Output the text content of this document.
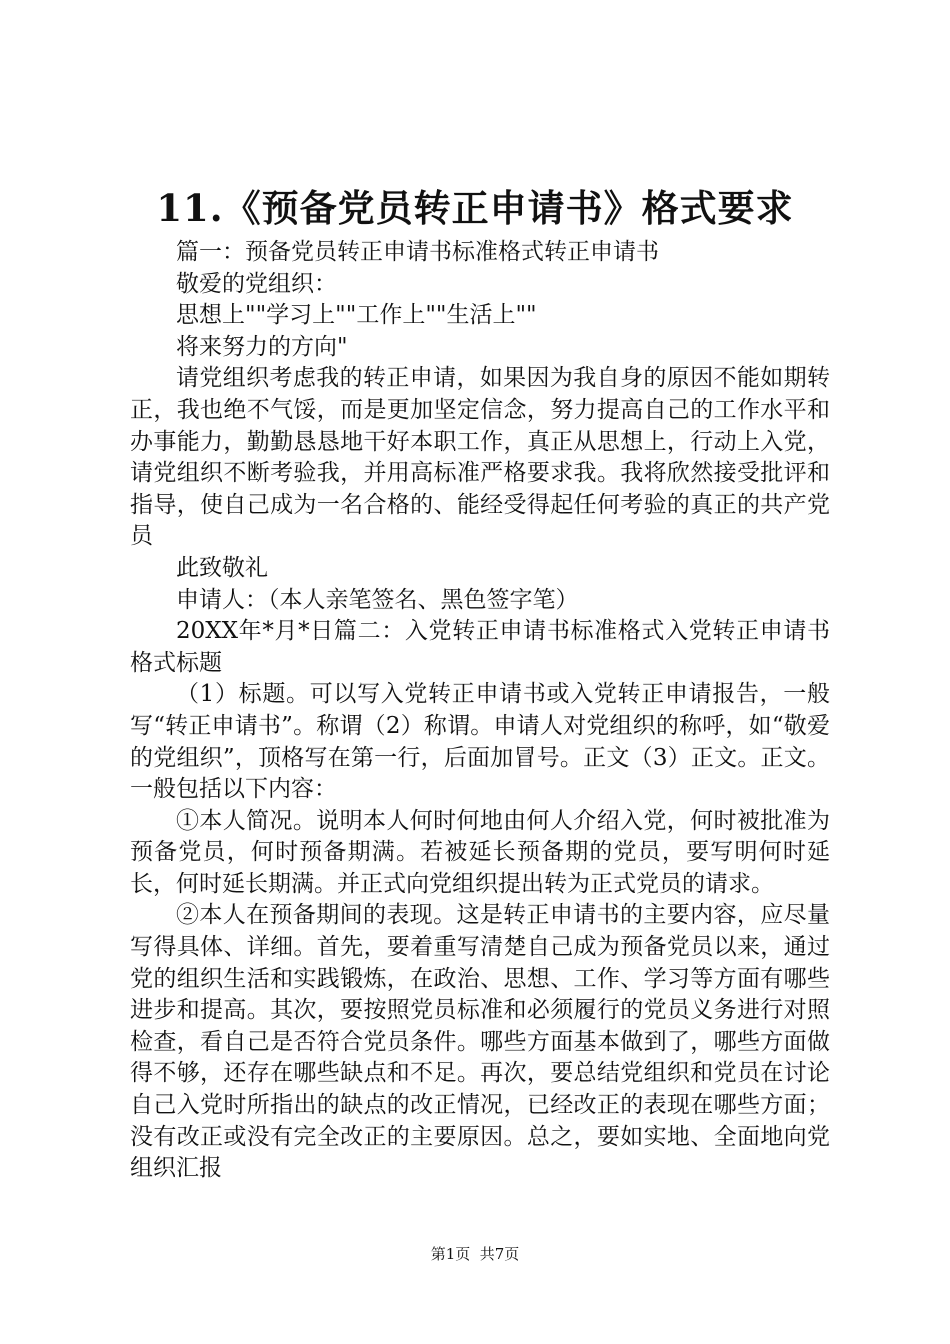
11.《预备党员转正申请书》格式要求

篇一：预备党员转正申请书标准格式转正申请书

敬爱的党组织：

思想上""学习上""工作上""生活上""

将来努力的方向"

请党组织考虑我的转正申请，如果因为我自身的原因不能如期转正，我也绝不气馁，而是更加坚定信念，努力提高自己的工作水平和办事能力，勤勤恳恳地干好本职工作，真正从思想上，行动上入党，请党组织不断考验我，并用高标准严格要求我。我将欣然接受批评和指导，使自己成为一名合格的、能经受得起任何考验的真正的共产党员

此致敬礼

申请人：（本人亲笔签名、黑色签字笔）

20XX年*月*日篇二：入党转正申请书标准格式入党转正申请书格式标题

（1）标题。可以写入党转正申请书或入党转正申请报告，一般写“转正申请书”。称谓（2）称谓。申请人对党组织的称呼，如“敬爱的党组织”，顶格写在第一行，后面加冒号。正文（3）正文。正文。一般包括以下内容：

①本人简况。说明本人何时何地由何人介绍入党，何时被批准为预备党员，何时预备期满。若被延长预备期的党员，要写明何时延长，何时延长期满。并正式向党组织提出转为正式党员的请求。

②本人在预备期间的表现。这是转正申请书的主要内容，应尽量写得具体、详细。首先，要着重写清楚自己成为预备党员以来，通过党的组织生活和实践锻炼，在政治、思想、工作、学习等方面有哪些进步和提高。其次，要按照党员标准和必须履行的党员义务进行对照检查，看自己是否符合党员条件。哪些方面基本做到了，哪些方面做得不够，还存在哪些缺点和不足。再次，要总结党组织和党员在讨论自己入党时所指出的缺点的改正情况，已经改正的表现在哪些方面；没有改正或没有完全改正的主要原因。总之，要如实地、全面地向党组织汇报

第1页  共7页
